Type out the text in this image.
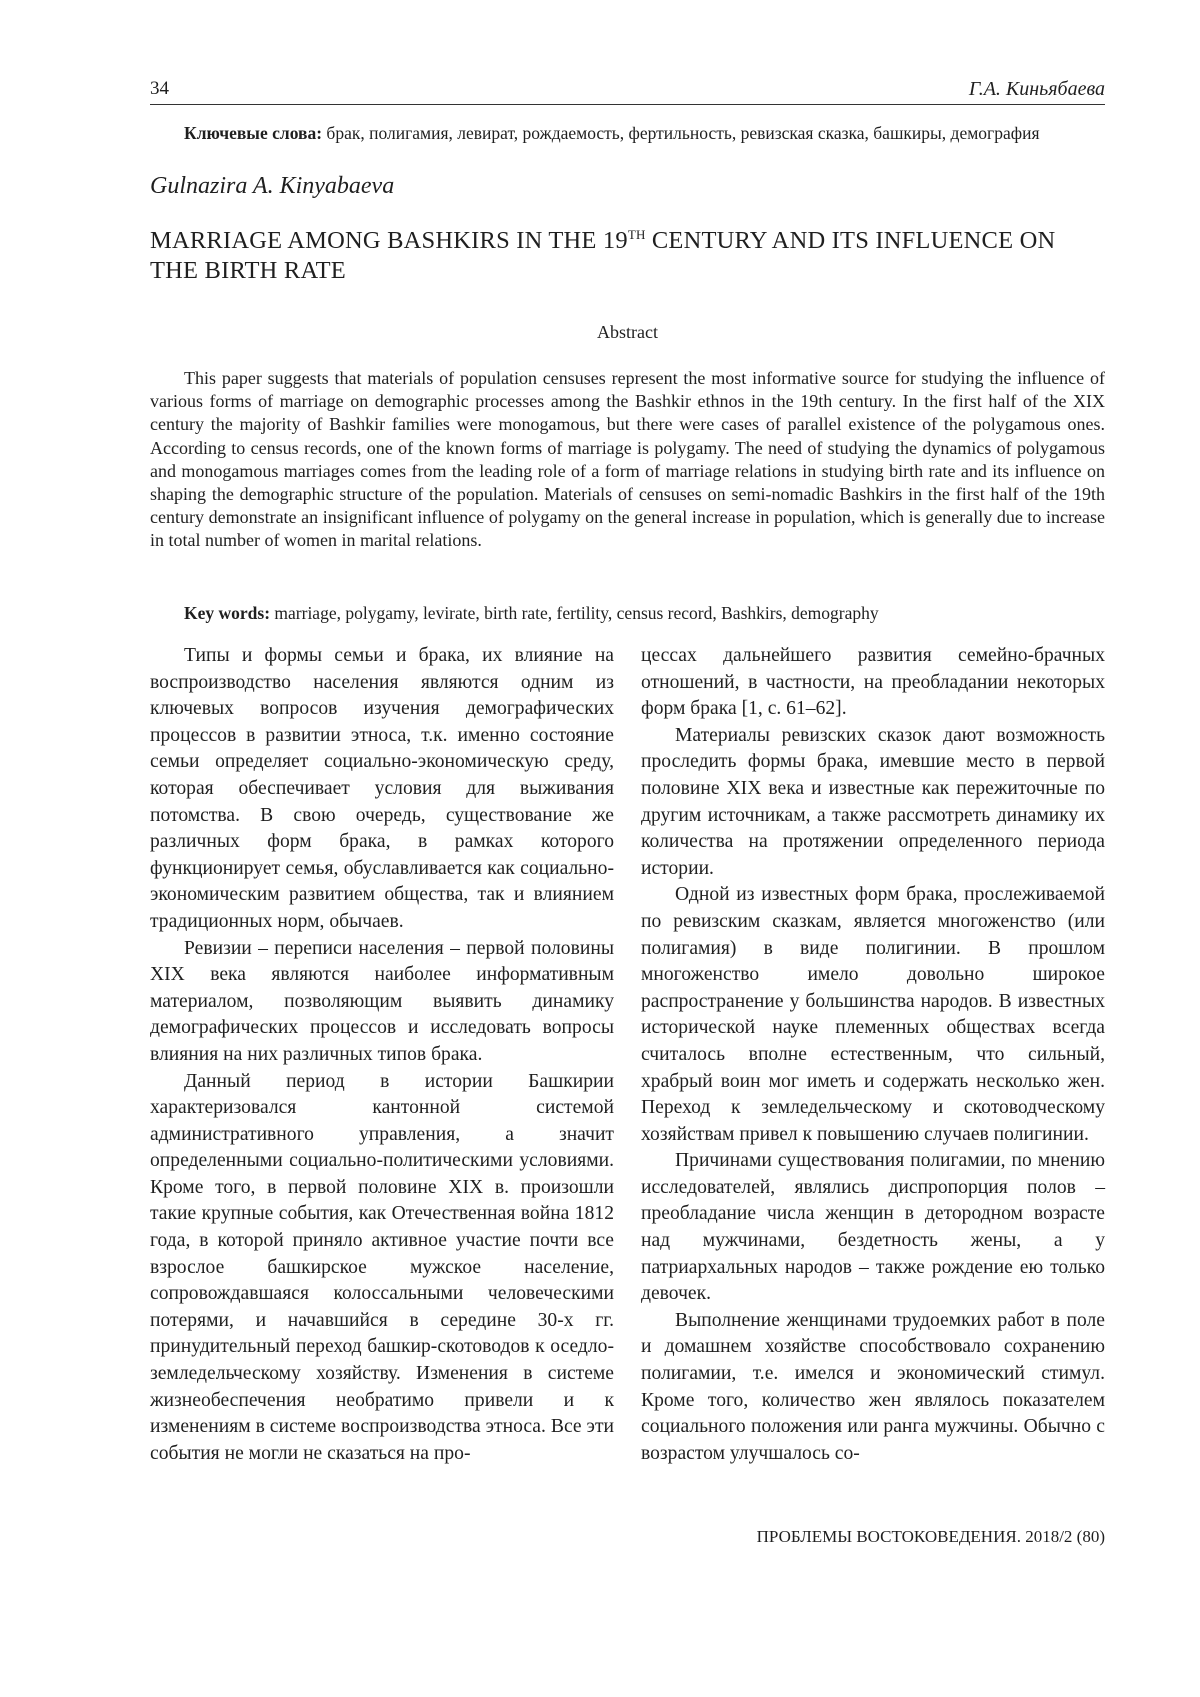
34	Г.А. Киньябаева
Ключевые слова: брак, полигамия, левират, рождаемость, фертильность, ревизская сказка, башкиры, демография
Gulnazira A. Kinyabaeva
MARRIAGE AMONG BASHKIRS IN THE 19TH CENTURY AND ITS INFLUENCE ON THE BIRTH RATE
Abstract

This paper suggests that materials of population censuses represent the most informative source for studying the influence of various forms of marriage on demographic processes among the Bashkir ethnos in the 19th century. In the first half of the XIX century the majority of Bashkir families were monogamous, but there were cases of parallel existence of the polygamous ones. According to census records, one of the known forms of marriage is polygamy. The need of studying the dynamics of polygamous and monogamous marriages comes from the leading role of a form of marriage relations in studying birth rate and its influence on shaping the demographic structure of the population. Materials of censuses on semi-nomadic Bashkirs in the first half of the 19th century demonstrate an insignificant influence of polygamy on the general increase in population, which is generally due to increase in total number of women in marital relations.

Key words: marriage, polygamy, levirate, birth rate, fertility, census record, Bashkirs, demography

Типы и формы семьи и брака, их влияние на воспроизводство населения являются одним из ключевых вопросов изучения демографических процессов в развитии этноса, т.к. именно состояние семьи определяет социально-экономическую среду, которая обеспечивает условия для выживания потомства. В свою очередь, существование же различных форм брака, в рамках которого функционирует семья, обуславливается как социально-экономическим развитием общества, так и влиянием традиционных норм, обычаев.

Ревизии – переписи населения – первой половины XIX века являются наиболее информативным материалом, позволяющим выявить динамику демографических процессов и исследовать вопросы влияния на них различных типов брака.

Данный период в истории Башкирии характеризовался кантонной системой административного управления, а значит определенными социально-политическими условиями. Кроме того, в первой половине XIX в. произошли такие крупные события, как Отечественная война 1812 года, в которой приняло активное участие почти все взрослое башкирское мужское население, сопровождавшаяся колоссальными человеческими потерями, и начавшийся в середине 30-х гг. принудительный переход башкир-скотоводов к оседло-земледельческому хозяйству. Изменения в системе жизнеобеспечения необратимо привели и к изменениям в системе воспроизводства этноса. Все эти события не могли не сказаться на про-

цессах дальнейшего развития семейно-брачных отношений, в частности, на преобладании некоторых форм брака [1, с. 61–62].

Материалы ревизских сказок дают возможность проследить формы брака, имевшие место в первой половине XIX века и известные как пережиточные по другим источникам, а также рассмотреть динамику их количества на протяжении определенного периода истории.

Одной из известных форм брака, прослеживаемой по ревизским сказкам, является многоженство (или полигамия) в виде полигинии. В прошлом многоженство имело довольно широкое распространение у большинства народов. В известных исторической науке племенных обществах всегда считалось вполне естественным, что сильный, храбрый воин мог иметь и содержать несколько жен. Переход к земледельческому и скотоводческому хозяйствам привел к повышению случаев полигинии.

Причинами существования полигамии, по мнению исследователей, являлись диспропорция полов – преобладание числа женщин в детородном возрасте над мужчинами, бездетность жены, а у патриархальных народов – также рождение ею только девочек.

Выполнение женщинами трудоемких работ в поле и домашнем хозяйстве способствовало сохранению полигамии, т.е. имелся и экономический стимул. Кроме того, количество жен являлось показателем социального положения или ранга мужчины. Обычно с возрастом улучшалось со-

ПРОБЛЕМЫ ВОСТОКОВЕДЕНИЯ. 2018/2 (80)
